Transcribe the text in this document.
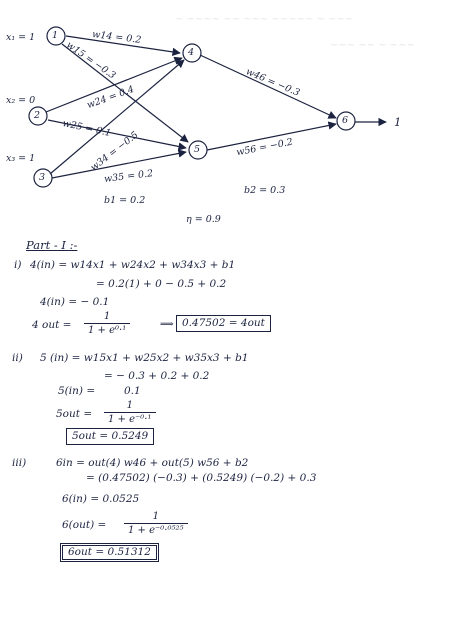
~ ~~~~ ~~ ~~~ ~~~~~ ~ ~~~
~~~ ~~ ~ ~~~
1
2
3
4
5
6
x₁ = 1
x₂ = 0
x₃ = 1
w14 = 0.2
w15 = −0.3
w24 = 0.4
w25 = 0.1
w34 = −0.5
w35 = 0.2
w46 = −0.3
w56 = −0.2
1
b1 = 0.2
b2 = 0.3
η = 0.9
Part - I :-
i) 4(in) = w14x1 + w24x2 + w34x3 + b1
= 0.2(1) + 0 − 0.5 + 0.2
4(in) = − 0.1
4 out = $\frac{1}{\text{1 + e⁰·¹}}$	⟹ 0.47502 = 4out
ii) 5 (in) = w15x1 + w25x2 + w35x3 + b1
= − 0.3 + 0.2 + 0.2
5(in) =	0.1
$5out = \frac{1}{\text{1 + e⁻⁰·¹}}$
5out = 0.5249
iii)	6in = out(4) w46 + out(5) w56 + b2
= (0.47502) (−0.3) + (0.5249) (−0.2) + 0.3
6(in) = 0.0525
$6(out) = \frac{1}{\text{1 + e⁻⁰·⁰⁵²⁵}}$
6out = 0.51312
